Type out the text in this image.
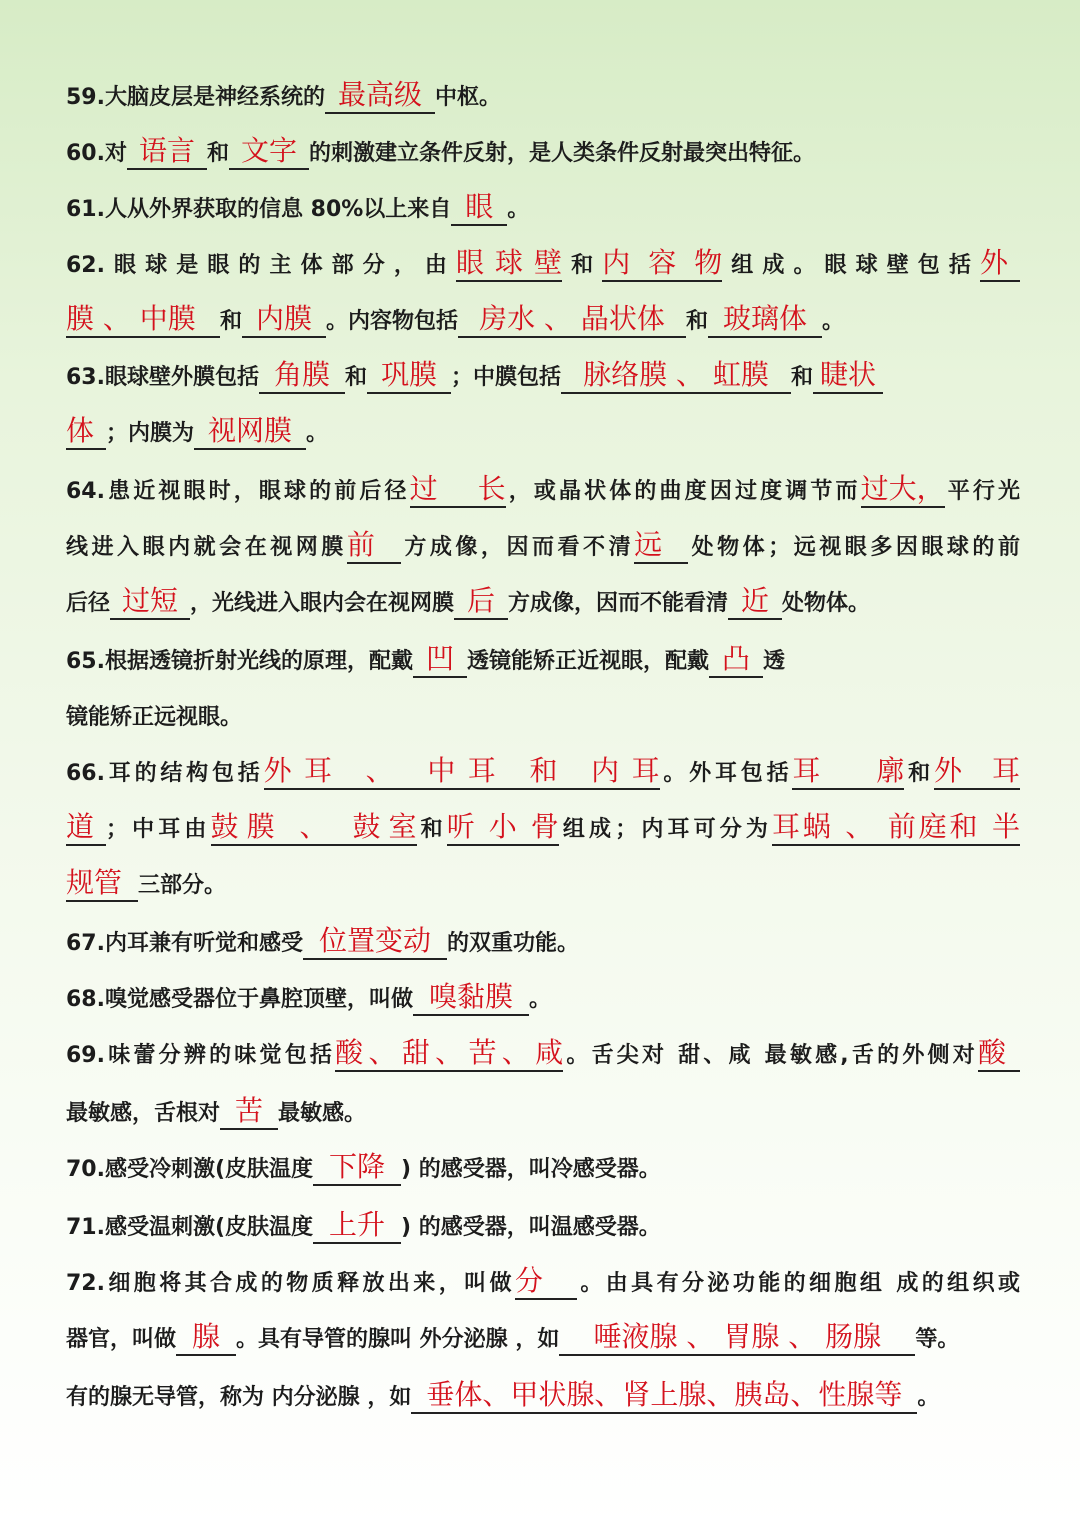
59.大脑皮层是神经系统的 最高级 中枢。
60.对 语言 和 文字 的刺激建立条件反射，是人类条件反射最突出特征。
61.人从外界获取的信息 80%以上来自 眼 。
62.眼球是眼的主体部分，由眼球壁和内容物组成。眼球壁包括外
膜 、 中膜 和 内膜 。内容物包括 房水 、 晶状体 和 玻璃体 。
63.眼球壁外膜包括 角膜 和 巩膜 ；中膜包括 脉络膜 、 虹膜 和 睫状
体 ；内膜为 视网膜 。
64.患近视眼时，眼球的前后径过长，或晶状体的曲度因过度调节而过大，平行光
线进入眼内就会在视网膜前 方成像，因而看不清远 处物体；远视眼多因眼球的前
后径 过短 ，光线进入眼内会在视网膜 后 方成像，因而不能看清 近 处物体。
65.根据透镜折射光线的原理，配戴 凹 透镜能矫正近视眼，配戴 凸 透
镜能矫正远视眼。
66.耳的结构包括外耳 、 中耳 和 内耳。外耳包括耳廓和外耳
道 ；中耳由鼓膜 、 鼓室和听小骨组成；内耳可分为耳蜗 、 前庭和 半
规管 三部分。
67.内耳兼有听觉和感受 位置变动 的双重功能。
68.嗅觉感受器位于鼻腔顶壁，叫做 嗅黏膜 。
69.味蕾分辨的味觉包括酸、甜、苦、咸。舌尖对 甜、咸 最敏感,舌的外侧对酸
最敏感，舌根对 苦 最敏感。
70.感受冷刺激(皮肤温度 下降 ) 的感受器，叫冷感受器。
71.感受温刺激(皮肤温度 上升 ) 的感受器，叫温感受器。
72.细胞将其合成的物质释放出来，叫做分 。由具有分泌功能的细胞组 成的组织或
器官，叫做 腺 。具有导管的腺叫 外分泌腺 ，如 唾液腺 、 胃腺 、 肠腺 等。
有的腺无导管，称为 内分泌腺 ，如 垂体、甲状腺、肾上腺、胰岛、性腺等 。
